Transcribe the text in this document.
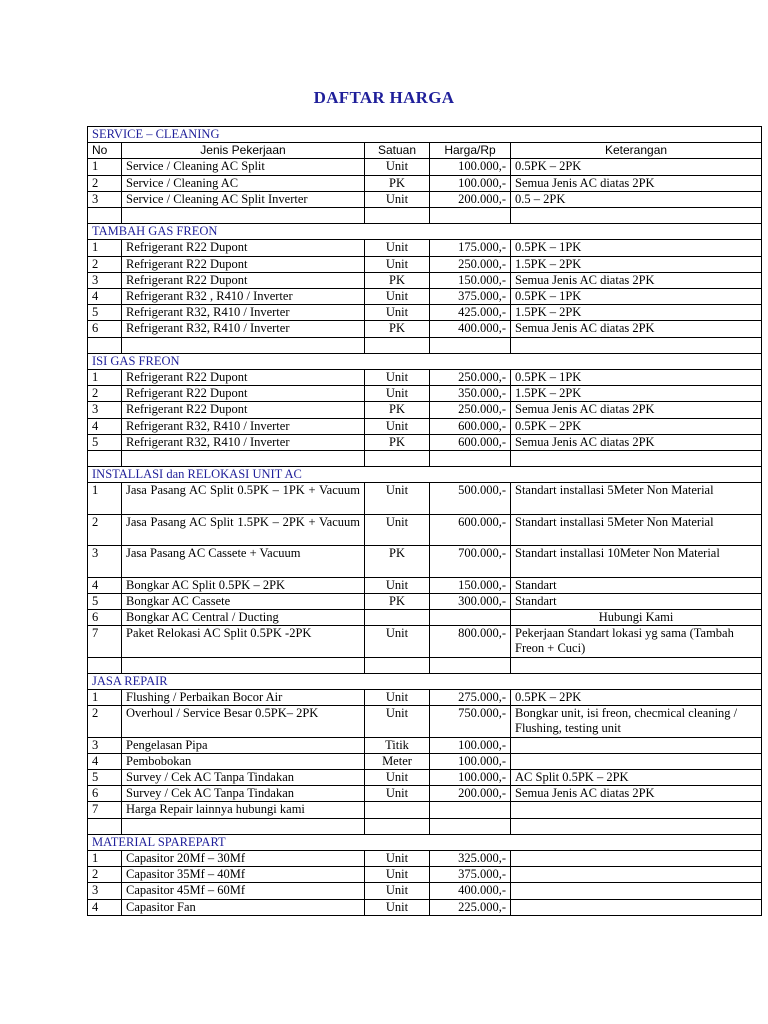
DAFTAR HARGA
SERVICE – CLEANING				
No	Jenis Pekerjaan	Satuan	Harga/Rp	Keterangan
1	Service / Cleaning AC Split	Unit	100.000,-	0.5PK – 2PK
2	Service / Cleaning AC	PK	100.000,-	Semua Jenis AC diatas 2PK
3	Service / Cleaning AC Split Inverter	Unit	200.000,-	0.5 – 2PK

TAMBAH GAS FREON				
1	Refrigerant R22 Dupont	Unit	175.000,-	0.5PK – 1PK
2	Refrigerant R22 Dupont	Unit	250.000,-	1.5PK – 2PK
3	Refrigerant R22 Dupont	PK	150.000,-	Semua Jenis AC diatas 2PK
4	Refrigerant R32 , R410 / Inverter	Unit	375.000,-	0.5PK – 1PK
5	Refrigerant R32, R410 / Inverter	Unit	425.000,-	1.5PK – 2PK
6	Refrigerant R32, R410 / Inverter	PK	400.000,-	Semua Jenis AC diatas 2PK

ISI GAS FREON				
1	Refrigerant R22 Dupont	Unit	250.000,-	0.5PK – 1PK
2	Refrigerant R22 Dupont	Unit	350.000,-	1.5PK – 2PK
3	Refrigerant R22 Dupont	PK	250.000,-	Semua Jenis AC diatas 2PK
4	Refrigerant R32, R410 / Inverter	Unit	600.000,-	0.5PK – 2PK
5	Refrigerant R32, R410 / Inverter	PK	600.000,-	Semua Jenis AC diatas 2PK

INSTALLASI dan RELOKASI UNIT AC				
1	Jasa Pasang AC Split 0.5PK – 1PK + Vacuum	Unit	500.000,-	Standart installasi 5Meter Non Material
2	Jasa Pasang AC Split 1.5PK – 2PK + Vacuum	Unit	600.000,-	Standart installasi 5Meter Non Material
3	Jasa Pasang AC Cassete + Vacuum	PK	700.000,-	Standart installasi 10Meter Non Material
4	Bongkar AC Split 0.5PK – 2PK	Unit	150.000,-	Standart
5	Bongkar AC Cassete	PK	300.000,-	Standart
6	Bongkar AC Central / Ducting			Hubungi Kami
7	Paket Relokasi AC Split 0.5PK -2PK	Unit	800.000,-	Pekerjaan Standart lokasi yg sama (Tambah Freon + Cuci)

JASA REPAIR				
1	Flushing / Perbaikan Bocor Air	Unit	275.000,-	0.5PK – 2PK
2	Overhoul / Service Besar 0.5PK– 2PK	Unit	750.000,-	Bongkar unit, isi freon, checmical cleaning / Flushing, testing unit
3	Pengelasan Pipa	Titik	100.000,-	
4	Pembobokan	Meter	100.000,-	
5	Survey / Cek AC Tanpa Tindakan	Unit	100.000,-	AC Split 0.5PK – 2PK
6	Survey / Cek AC Tanpa Tindakan	Unit	200.000,-	Semua Jenis AC diatas 2PK
7	Harga Repair lainnya hubungi kami			

MATERIAL SPAREPART				
1	Capasitor 20Mf – 30Mf	Unit	325.000,-	
2	Capasitor 35Mf – 40Mf	Unit	375.000,-	
3	Capasitor 45Mf – 60Mf	Unit	400.000,-	
4	Capasitor Fan	Unit	225.000,-	
